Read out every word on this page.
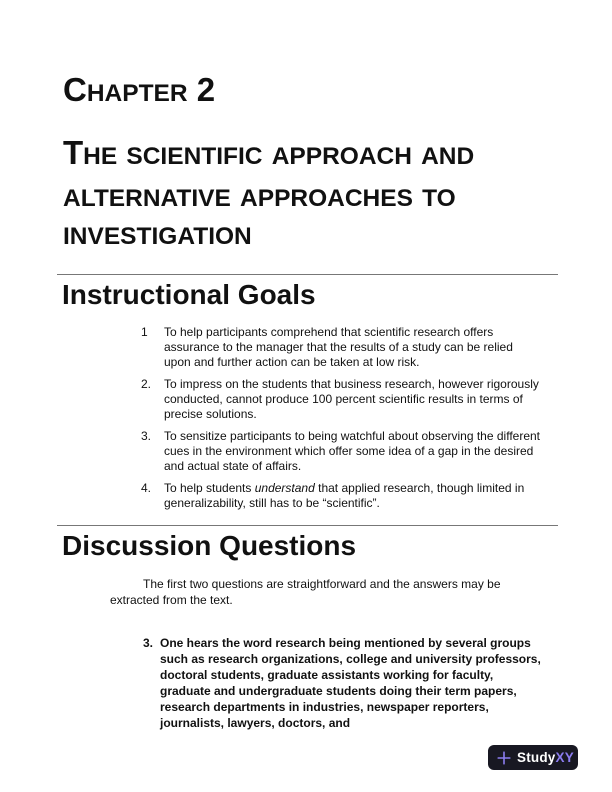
CHAPTER 2
THE SCIENTIFIC APPROACH AND ALTERNATIVE APPROACHES TO INVESTIGATION
Instructional Goals
1	To help participants comprehend that scientific research offers assurance to the manager that the results of a study can be relied upon and further action can be taken at low risk.
2.	To impress on the students that business research, however rigorously conducted, cannot produce 100 percent scientific results in terms of precise solutions.
3.	To sensitize participants to being watchful about observing the different cues in the environment which offer some idea of a gap in the desired and actual state of affairs.
4.	To help students understand that applied research, though limited in generalizability, still has to be “scientific”.
Discussion Questions

The first two questions are straightforward and the answers may be extracted from the text.

3. One hears the word research being mentioned by several groups such as research organizations, college and university professors, doctoral students, graduate assistants working for faculty, graduate and undergraduate students doing their term papers, research departments in industries, newspaper reporters, journalists, lawyers, doctors, and
StudyXY
